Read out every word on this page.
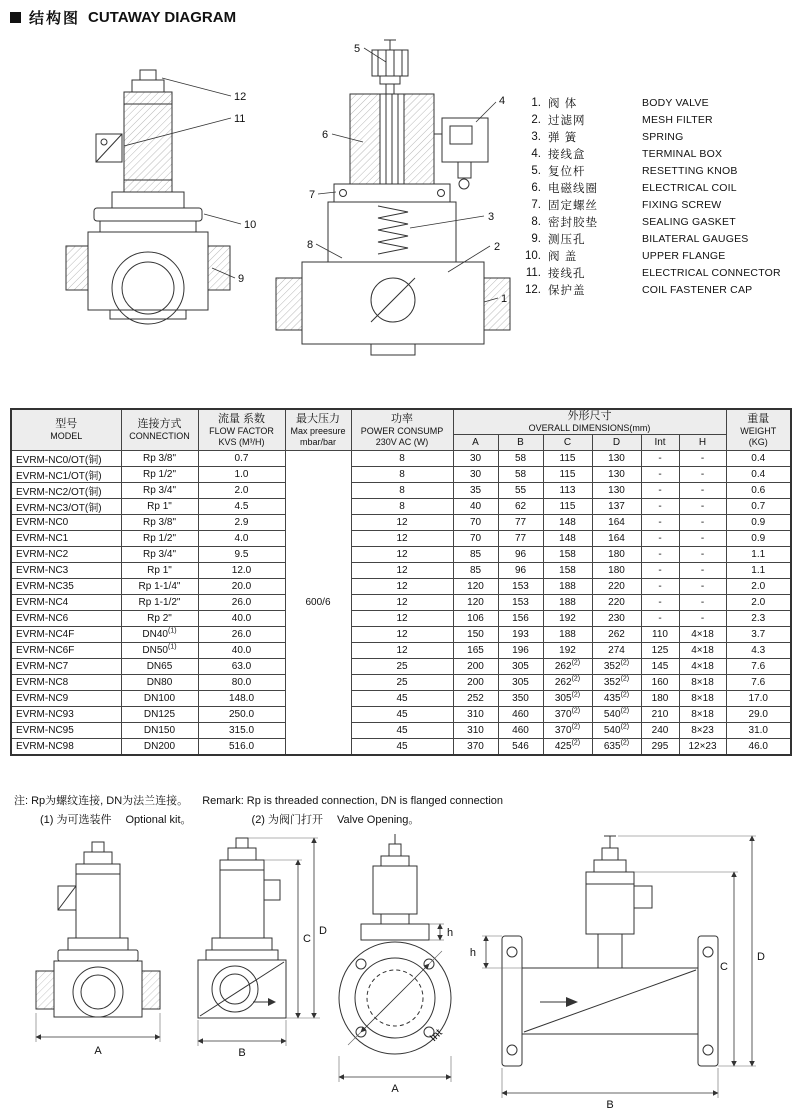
结构图 CUTAWAY DIAGRAM
12
11
10
9
5
4
6
7
3
2
8
1
1. 阀 体	BODY VALVE
2. 过滤网	MESH FILTER
3. 弹 簧	SPRING
4. 接线盒	TERMINAL BOX
5. 复位杆	RESETTING KNOB
6. 电磁线圈	ELECTRICAL COIL
7. 固定螺丝	FIXING SCREW
8. 密封胶垫	SEALING GASKET
9. 测压孔	BILATERAL GAUGES
10. 阀 盖	UPPER FLANGE
11. 接线孔	ELECTRICAL CONNECTOR
12. 保护盖	COIL FASTENER CAP
型号
MODEL

连接方式
CONNECTION

流量 系数
FLOW FACTOR
KVS (M³/H)

最大压力
Max preesure
mbar/bar

功率
POWER CONSUMP
230V AC (W)

外形尺寸
OVERALL DIMENSIONS(mm)

重量
WEIGHT
(KG)

					A	B	C	D	Int	H	
EVRM-NC0/OT(铜)	Rp 3/8"	0.7	600/6	8	30	58	115	130	-	-	0.4
EVRM-NC1/OT(铜)	Rp 1/2"	1.0		8	30	58	115	130	-	-	0.4
EVRM-NC2/OT(铜)	Rp 3/4"	2.0		8	35	55	113	130	-	-	0.6
EVRM-NC3/OT(铜)	Rp 1"	4.5		8	40	62	115	137	-	-	0.7
EVRM-NC0	Rp 3/8"	2.9		12	70	77	148	164	-	-	0.9
EVRM-NC1	Rp 1/2"	4.0		12	70	77	148	164	-	-	0.9
EVRM-NC2	Rp 3/4"	9.5		12	85	96	158	180	-	-	1.1
EVRM-NC3	Rp 1"	12.0		12	85	96	158	180	-	-	1.1
EVRM-NC35	Rp 1-1/4"	20.0		12	120	153	188	220	-	-	2.0
EVRM-NC4	Rp 1-1/2"	26.0		12	120	153	188	220	-	-	2.0
EVRM-NC6	Rp 2"	40.0		12	106	156	192	230	-	-	2.3
EVRM-NC4F	DN40$^{(1)}$	26.0		12	150	193	188	262	110	4×18	3.7
EVRM-NC6F	DN50$^{(1)}$	40.0		12	165	196	192	274	125	4×18	4.3
EVRM-NC7	DN65	63.0		25	200	305	262$^{(2)}$	352$^{(2)}$	145	4×18	7.6
EVRM-NC8	DN80	80.0		25	200	305	262$^{(2)}$	352$^{(2)}$	160	8×18	7.6
EVRM-NC9	DN100	148.0		45	252	350	305$^{(2)}$	435$^{(2)}$	180	8×18	17.0
EVRM-NC93	DN125	250.0		45	310	460	370$^{(2)}$	540$^{(2)}$	210	8×18	29.0
EVRM-NC95	DN150	315.0		45	310	460	370$^{(2)}$	540$^{(2)}$	240	8×23	31.0
EVRM-NC98	DN200	516.0		45	370	546	425$^{(2)}$	635$^{(2)}$	295	12×23	46.0
注: Rp为螺纹连接, DN为法兰连接。 Remark: Rp is threaded connection, DN is flanged connection
(1) 为可选装件 Optional kit。	(2) 为阀门打开 Valve Opening。
A	B
C
D	h
Int
A
h
C
D
B
